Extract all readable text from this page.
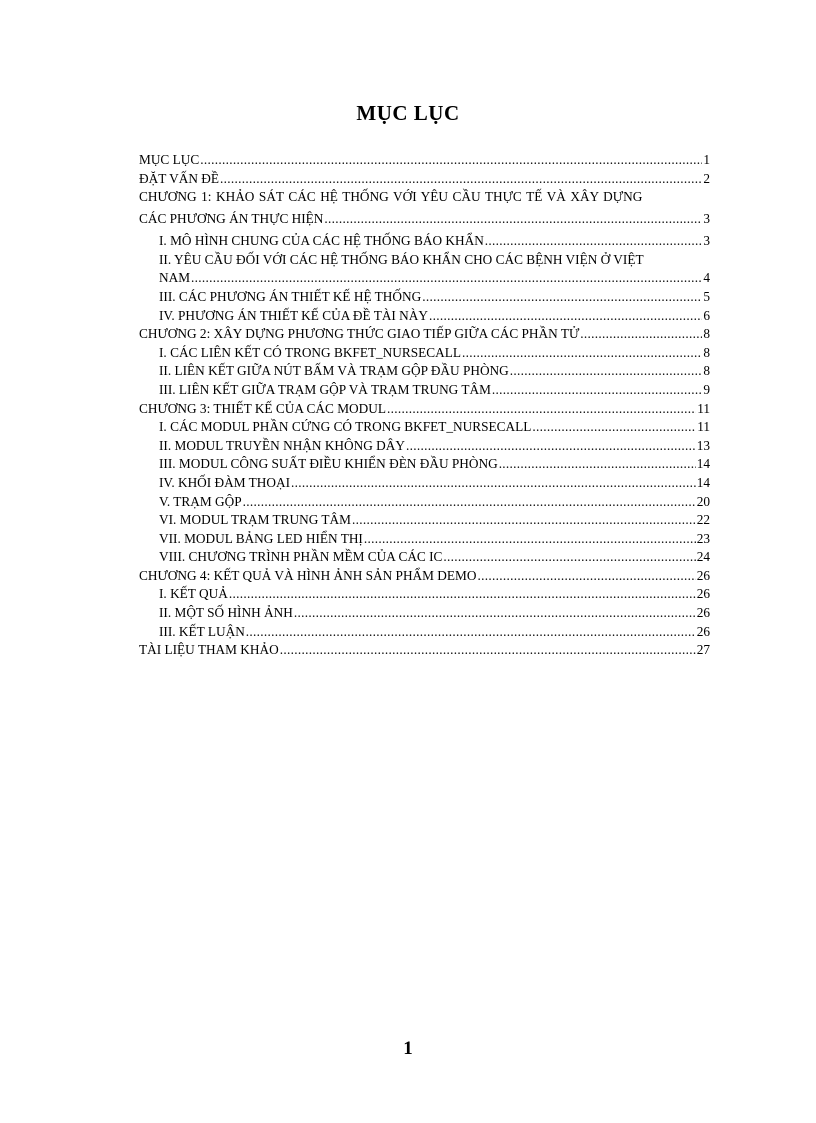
MỤC LỤC
MỤC LỤC .....	1
ĐẶT VẤN ĐỀ .....	2
CHƯƠNG 1: KHẢO SÁT CÁC HỆ THỐNG VỚI YÊU CẦU THỰC TẾ VÀ XÂY DỰNG
CÁC PHƯƠNG ÁN THỰC HIỆN .....	3
I. MÔ HÌNH CHUNG CỦA CÁC HỆ THỐNG BÁO KHẨN .....	3
II. YÊU CẦU ĐỐI VỚI CÁC HỆ THỐNG BÁO KHẨN CHO CÁC BỆNH VIỆN Ở VIỆT
NAM .....	4
III. CÁC PHƯƠNG ÁN THIẾT KẾ HỆ THỐNG .....	5
IV. PHƯƠNG ÁN THIẾT KẾ CỦA ĐỀ TÀI NÀY .....	6
CHƯƠNG 2: XÂY DỰNG PHƯƠNG THỨC GIAO TIẾP GIỮA CÁC PHẦN TỬ .....	8
I. CÁC LIÊN KẾT CÓ TRONG BKFET_NURSECALL .....	8
II. LIÊN KẾT GIỮA NÚT BẤM VÀ TRẠM GỘP ĐẦU PHÒNG .....	8
III. LIÊN KẾT GIỮA TRẠM GỘP VÀ TRẠM TRUNG TÂM .....	9
CHƯƠNG 3: THIẾT KẾ CỦA CÁC MODUL .....	11
I. CÁC MODUL PHẦN CỨNG CÓ TRONG BKFET_NURSECALL .....	11
II. MODUL TRUYỀN NHẬN KHÔNG DÂY .....	13
III. MODUL CÔNG SUẤT ĐIỀU KHIỂN ĐÈN ĐẦU PHÒNG .....	14
IV. KHỐI ĐÀM THOẠI .....	14
V. TRẠM GỘP .....	20
VI. MODUL TRẠM TRUNG TÂM .....	22
VII. MODUL BẢNG LED HIỂN THỊ .....	23
VIII. CHƯƠNG TRÌNH PHẦN MỀM CỦA CÁC IC .....	24
CHƯƠNG 4: KẾT QUẢ VÀ HÌNH ẢNH SẢN PHẨM DEMO .....	26
I. KẾT QUẢ .....	26
II. MỘT SỐ HÌNH ẢNH .....	26
III. KẾT LUẬN .....	26
TÀI LIỆU THAM KHẢO .....	27
1
